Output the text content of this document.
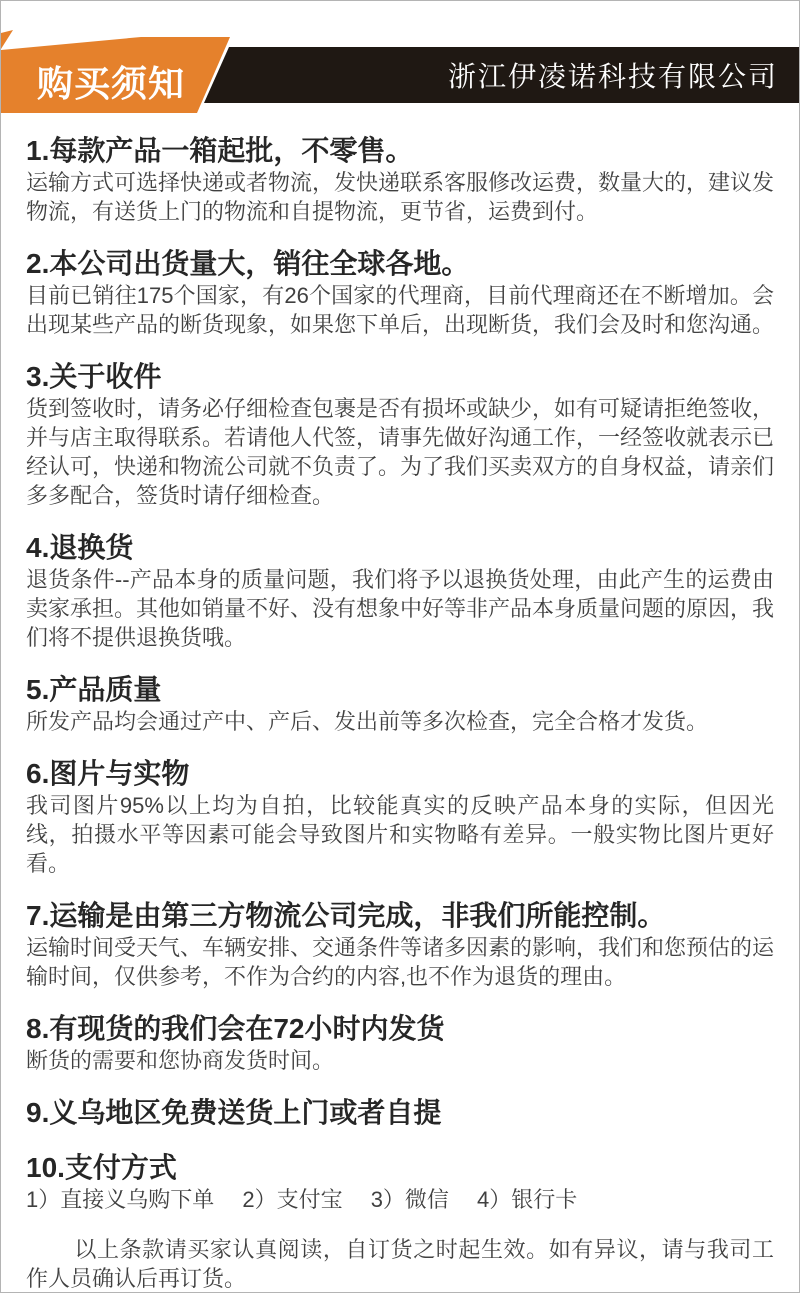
购买须知	浙江伊凌诺科技有限公司
1.每款产品一箱起批，不零售。

运输方式可选择快递或者物流，发快递联系客服修改运费，数量大的，建议发物流，有送货上门的物流和自提物流，更节省，运费到付。

2.本公司出货量大，销往全球各地。

目前已销往175个国家，有26个国家的代理商，目前代理商还在不断增加。会出现某些产品的断货现象，如果您下单后，出现断货，我们会及时和您沟通。

3.关于收件

货到签收时，请务必仔细检查包裹是否有损坏或缺少，如有可疑请拒绝签收，并与店主取得联系。若请他人代签，请事先做好沟通工作，一经签收就表示已经认可，快递和物流公司就不负责了。为了我们买卖双方的自身权益，请亲们多多配合，签货时请仔细检查。

4.退换货

退货条件--产品本身的质量问题，我们将予以退换货处理，由此产生的运费由卖家承担。其他如销量不好、没有想象中好等非产品本身质量问题的原因，我们将不提供退换货哦。

5.产品质量

所发产品均会通过产中、产后、发出前等多次检查，完全合格才发货。

6.图片与实物

我司图片95%以上均为自拍，比较能真实的反映产品本身的实际，但因光线，拍摄水平等因素可能会导致图片和实物略有差异。一般实物比图片更好看。

7.运输是由第三方物流公司完成，非我们所能控制。

运输时间受天气、车辆安排、交通条件等诸多因素的影响，我们和您预估的运输时间，仅供参考，不作为合约的内容,也不作为退货的理由。

8.有现货的我们会在72小时内发货

断货的需要和您协商发货时间。

9.义乌地区免费送货上门或者自提
10.支付方式

1）直接义乌购下单　 2）支付宝　 3）微信　 4）银行卡

以上条款请买家认真阅读，自订货之时起生效。如有异议，请与我司工作人员确认后再订货。
